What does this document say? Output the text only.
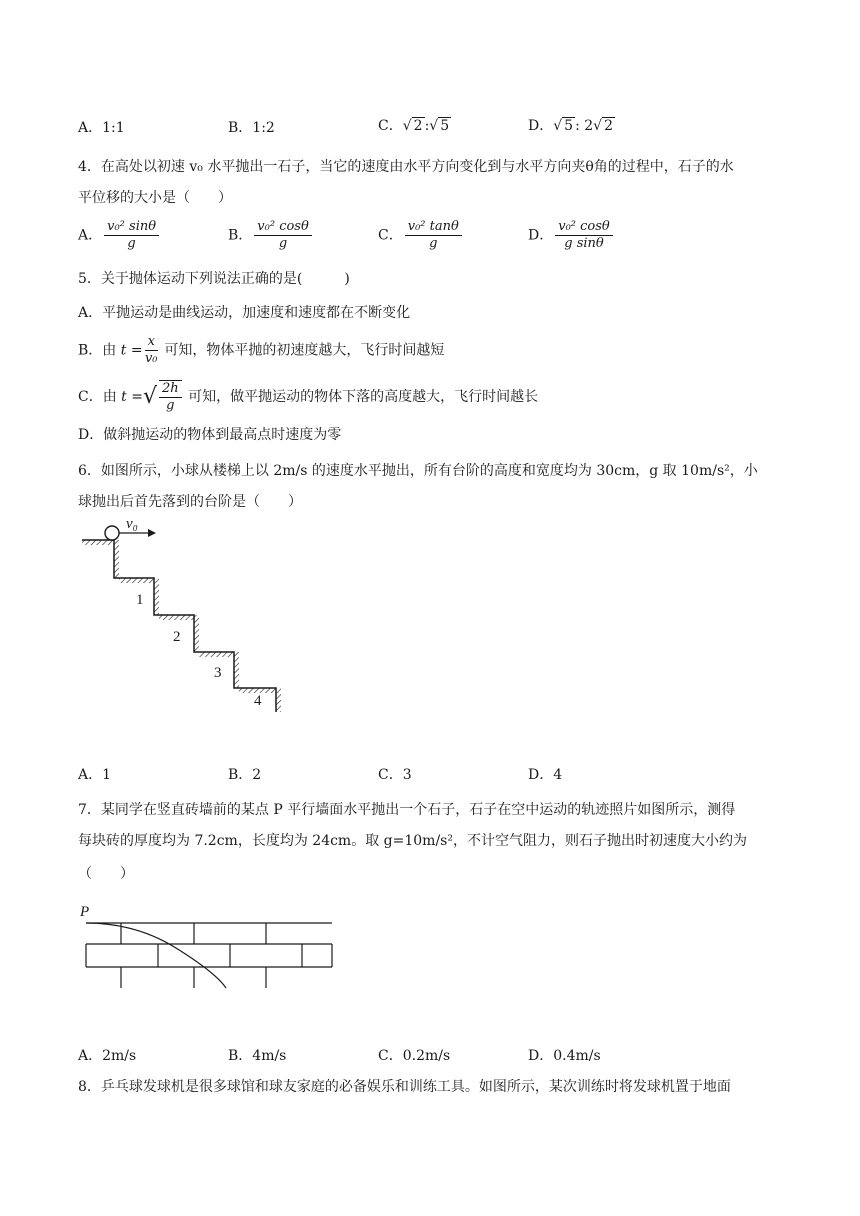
A．1:1	B．1:2	C．√ 2 :√ 5	D．√ 5 : 2√ 2
4．在高处以初速 v₀ 水平抛出一石子，当它的速度由水平方向变化到与水平方向夹θ角的过程中，石子的水
平位移的大小是（　　）
A． $\frac{\text{v₀² sinθ}}{g}$	B． $\frac{\text{v₀² cosθ}}{g}$	C． $\frac{\text{v₀² tanθ}}{g}$	D． $\frac{\text{v₀² cosθ}}{\text{g sinθ}}$
5．关于抛体运动下列说法正确的是(　　　)
A．平抛运动是曲线运动，加速度和速度都在不断变化
B．由 $t = \frac{x}{\text{v₀}}$ 可知，物体平抛的初速度越大，飞行时间越短
C．由 t =√ $\frac{2h}{g}$ 可知，做平抛运动的物体下落的高度越大，飞行时间越长
D．做斜抛运动的物体到最高点时速度为零
6．如图所示，小球从楼梯上以 2m/s 的速度水平抛出，所有台阶的高度和宽度均为 30cm，g 取 10m/s²，小
球抛出后首先落到的台阶是（　　）
v₀
1
2
3
4
A．1	B．2	C．3	D．4
7．某同学在竖直砖墙前的某点 P 平行墙面水平抛出一个石子，石子在空中运动的轨迹照片如图所示，测得
每块砖的厚度均为 7.2cm，长度均为 24cm。取 g=10m/s²，不计空气阻力，则石子抛出时初速度大小约为
（　　）
P
A．2m/s	B．4m/s	C．0.2m/s	D．0.4m/s
8．乒乓球发球机是很多球馆和球友家庭的必备娱乐和训练工具。如图所示，某次训练时将发球机置于地面
